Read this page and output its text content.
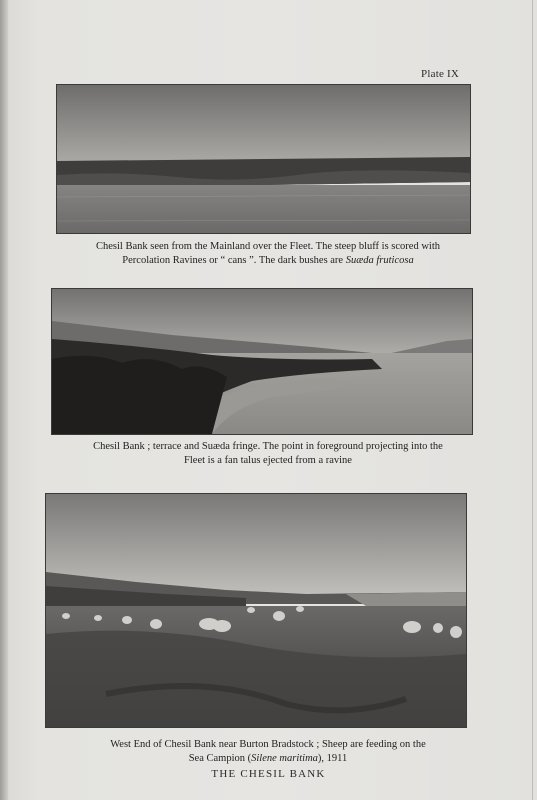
Plate IX
Chesil Bank seen from the Mainland over the Fleet. The steep bluff is scored with
Percolation Ravines or “ cans ”. The dark bushes are Suæda fruticosa
Chesil Bank ; terrace and Suæda fringe. The point in foreground projecting into the
Fleet is a fan talus ejected from a ravine
West End of Chesil Bank near Burton Bradstock ; Sheep are feeding on the
Sea Campion (Silene maritima), 1911
THE CHESIL BANK
